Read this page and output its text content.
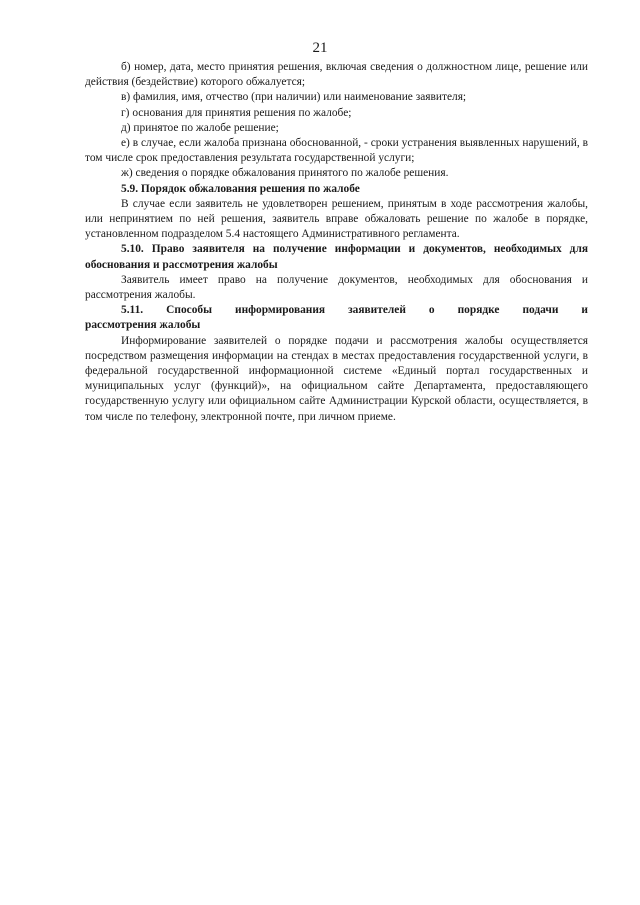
21

б) номер, дата, место принятия решения, включая сведения о должностном лице, решение или действия (бездействие) которого обжалуется;

в) фамилия, имя, отчество (при наличии) или наименование заявителя;

г) основания для принятия решения по жалобе;

д) принятое по жалобе решение;

е) в случае, если жалоба признана обоснованной, - сроки устранения выявленных нарушений, в том числе срок предоставления результата государственной услуги;

ж) сведения о порядке обжалования принятого по жалобе решения.

5.9. Порядок обжалования решения по жалобе

В случае если заявитель не удовлетворен решением, принятым в ходе рассмотрения жалобы, или непринятием по ней решения, заявитель вправе обжаловать решение по жалобе в порядке, установленном подразделом 5.4 настоящего Административного регламента.

5.10. Право заявителя на получение информации и документов, необходимых для обоснования и рассмотрения жалобы

Заявитель имеет право на получение документов, необходимых для обоснования и рассмотрения жалобы.

5.11. Способы информирования заявителей о порядке подачи и

рассмотрения жалобы

Информирование заявителей о порядке подачи и рассмотрения жалобы осуществляется посредством размещения информации на стендах в местах предоставления государственной услуги, в федеральной государственной информационной системе «Единый портал государственных и муниципальных услуг (функций)», на официальном сайте Департамента, предоставляющего государственную услугу или официальном сайте Администрации Курской области, осуществляется, в том числе по телефону, электронной почте, при личном приеме.
